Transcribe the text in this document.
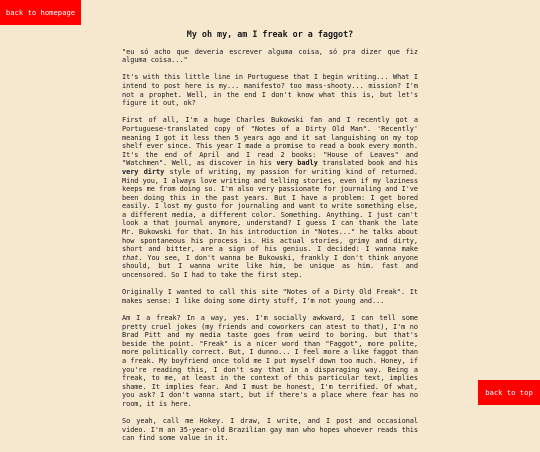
back to homepage
My oh my, am I freak or a faggot?

"eu só acho que deveria escrever alguma coisa, só pra dizer que fiz alguma coisa..."

It's with this little line in Portuguese that I begin writing... What I intend to post here is my... manifesto? too mass-shooty... mission? I'm not a prophet. Well, in the end I don't know what this is, but let's figure it out, ok?

First of all, I'm a huge Charles Bukowski fan and I recently got a Portuguese-translated copy of "Notes of a Dirty Old Man". 'Recently' meaning I got it less then 5 years ago and it sat languishing on my top shelf ever since. This year I made a promise to read a book every month. It's the end of April and I read 2 books: "House of Leaves" and "Watchmen". Well, as discover in his very badly translated book and his very dirty style of writing, my passion for writing kind of returned. Mind you, I always love writing and telling stories, even if my laziness keeps me from doing so. I'm also very passionate for journaling and I've been doing this in the past years. But I have a problem: I get bored easily. I lost my gusto for journaling and want to write something else, a different media, a different color. Something. Anything. I just can't look a that journal anymore, understand? I guess I can thank the late Mr. Bukowski for that. In his introduction in "Notes..." he talks about how spontaneous his process is. His actual stories, grimy and dirty, short and bitter, are a sign of his genius. I decided: I wanna make that. You see, I don't wanna be Bukowski, frankly I don't think anyone should, but I wanna write like him, be unique as him. fast and uncensored. So I had to take the first step.

Originally I wanted to call this site "Notes of a Dirty Old Freak". It makes sense: I like doing some dirty stuff, I'm not young and...

Am I a freak? In a way, yes. I'm socially awkward, I can tell some pretty cruel jokes (my friends and coworkers can atest to that), I'm no Brad Pitt and my media taste goes from weird to boring. but that's beside the point. "Freak" is a nicer word than "Faggot", more polite, more politically correct. But, I dunno... I feel more a like faggot than a freak. My boyfriend once told me I put myself down too much. Honey, if you're reading this, I don't say that in a disparaging way. Being a freak, to me, at least in the context of this particular text, implies shame. It implies fear. And I must be honest, I'm terrified. Of what, you ask? I don't wanna start, but if there's a place where fear has no room, it is here.

So yeah, call me Hokey. I draw, I write, and I post and occasional video. I'm an 35-year-old Brazilian gay man who hopes whoever reads this can find some value in it.

back to top
